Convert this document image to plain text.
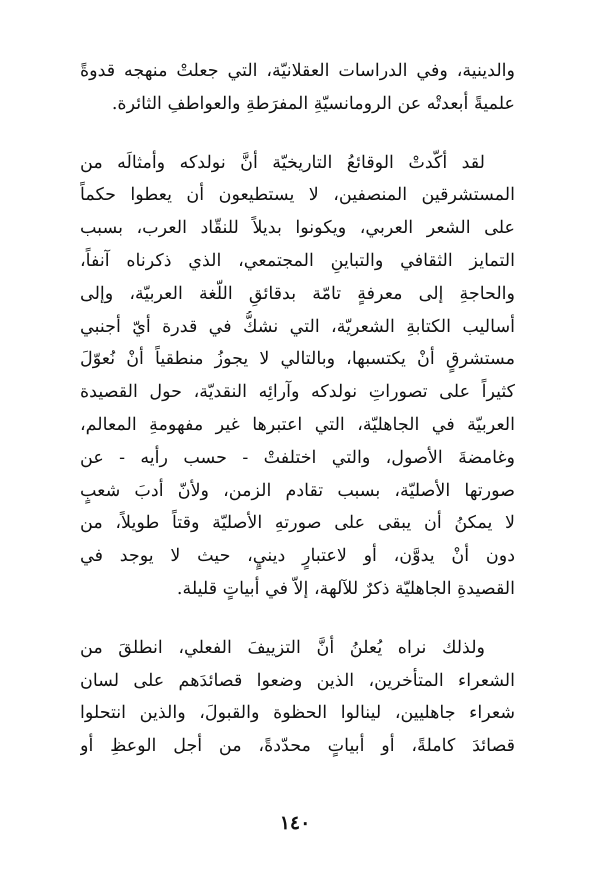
والدينية، وفي الدراسات العقلانيّة، التي جعلتْ منهجه قدوةً
علميةً أبعدتْه عن الرومانسيّةِ المفرَطةِ والعواطفِ الثائرة.
لقد أكّدتْ الوقائعُ التاريخيّة أنَّ نولدكه وأمثالَه من
المستشرقين المنصفين، لا يستطيعون أن يعطوا حكماً
على الشعر العربي، ويكونوا بديلاً للنقّاد العرب، بسبب
التمايز الثقافي والتباينِ المجتمعي، الذي ذكرناه آنفاً،
والحاجةِ إلى معرفةٍ تامّة بدقائقِ اللّغة العربيّة، وإلى
أساليب الكتابةِ الشعريّة، التي نشكُّ في قدرة أيّ أجنبي
مستشرقٍ أنْ يكتسبها، وبالتالي لا يجوزُ منطقياً أنْ نُعوّلَ
كثيراً على تصوراتِ نولدكه وآرائِه النقديّة، حول القصيدة
العربيّة في الجاهليّة، التي اعتبرها غير مفهومةِ المعالم،
وغامضةَ الأصول، والتي اختلفتْ - حسب رأيه - عن
صورتها الأصليّة، بسبب تقادم الزمن، ولأنّ أدبَ شعبٍ
لا يمكنُ أن يبقى على صورتهِ الأصليّة وقتاً طويلاً، من
دون أنْ يدوَّن، أو لاعتبارٍ دينيٍ، حيث لا يوجد في
القصيدةِ الجاهليّة ذكرٌ للآلهة، إلاّ في أبياتٍ قليلة.
ولذلك نراه يُعلنُ أنَّ التزييفَ الفعلي، انطلقَ من
الشعراء المتأخرين، الذين وضعوا قصائدَهم على لسان
شعراء جاهليين، لينالوا الحظوة والقبولَ، والذين انتحلوا
قصائدَ كاملةً، أو أبياتٍ محدّدةً، من أجل الوعظِ أو
١٤٠
